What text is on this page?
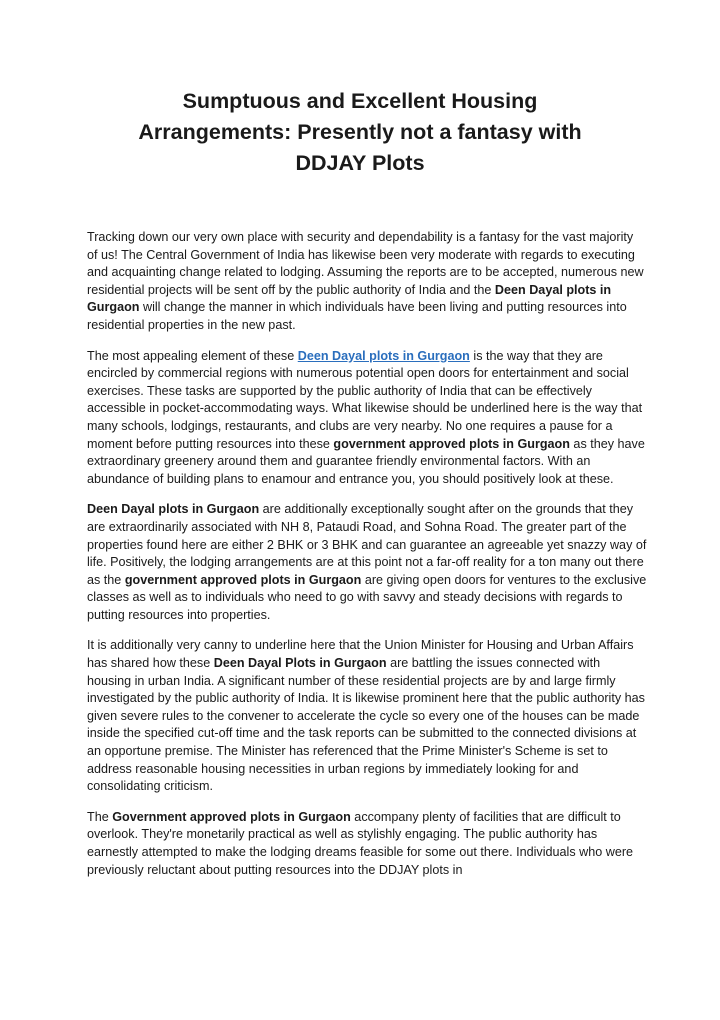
Sumptuous and Excellent Housing
Arrangements: Presently not a fantasy with
DDJAY Plots

Tracking down our very own place with security and dependability is a fantasy for the vast majority of us! The Central Government of India has likewise been very moderate with regards to executing and acquainting change related to lodging. Assuming the reports are to be accepted, numerous new residential projects will be sent off by the public authority of India and the Deen Dayal plots in Gurgaon will change the manner in which individuals have been living and putting resources into residential properties in the new past.

The most appealing element of these Deen Dayal plots in Gurgaon is the way that they are encircled by commercial regions with numerous potential open doors for entertainment and social exercises. These tasks are supported by the public authority of India that can be effectively accessible in pocket-accommodating ways. What likewise should be underlined here is the way that many schools, lodgings, restaurants, and clubs are very nearby. No one requires a pause for a moment before putting resources into these government approved plots in Gurgaon as they have extraordinary greenery around them and guarantee friendly environmental factors. With an abundance of building plans to enamour and entrance you, you should positively look at these.

Deen Dayal plots in Gurgaon are additionally exceptionally sought after on the grounds that they are extraordinarily associated with NH 8, Pataudi Road, and Sohna Road. The greater part of the properties found here are either 2 BHK or 3 BHK and can guarantee an agreeable yet snazzy way of life. Positively, the lodging arrangements are at this point not a far-off reality for a ton many out there as the government approved plots in Gurgaon are giving open doors for ventures to the exclusive classes as well as to individuals who need to go with savvy and steady decisions with regards to putting resources into properties.

It is additionally very canny to underline here that the Union Minister for Housing and Urban Affairs has shared how these Deen Dayal Plots in Gurgaon are battling the issues connected with housing in urban India. A significant number of these residential projects are by and large firmly investigated by the public authority of India. It is likewise prominent here that the public authority has given severe rules to the convener to accelerate the cycle so every one of the houses can be made inside the specified cut-off time and the task reports can be submitted to the connected divisions at an opportune premise. The Minister has referenced that the Prime Minister's Scheme is set to address reasonable housing necessities in urban regions by immediately looking for and consolidating criticism.

The Government approved plots in Gurgaon accompany plenty of facilities that are difficult to overlook. They're monetarily practical as well as stylishly engaging. The public authority has earnestly attempted to make the lodging dreams feasible for some out there. Individuals who were previously reluctant about putting resources into the DDJAY plots in
